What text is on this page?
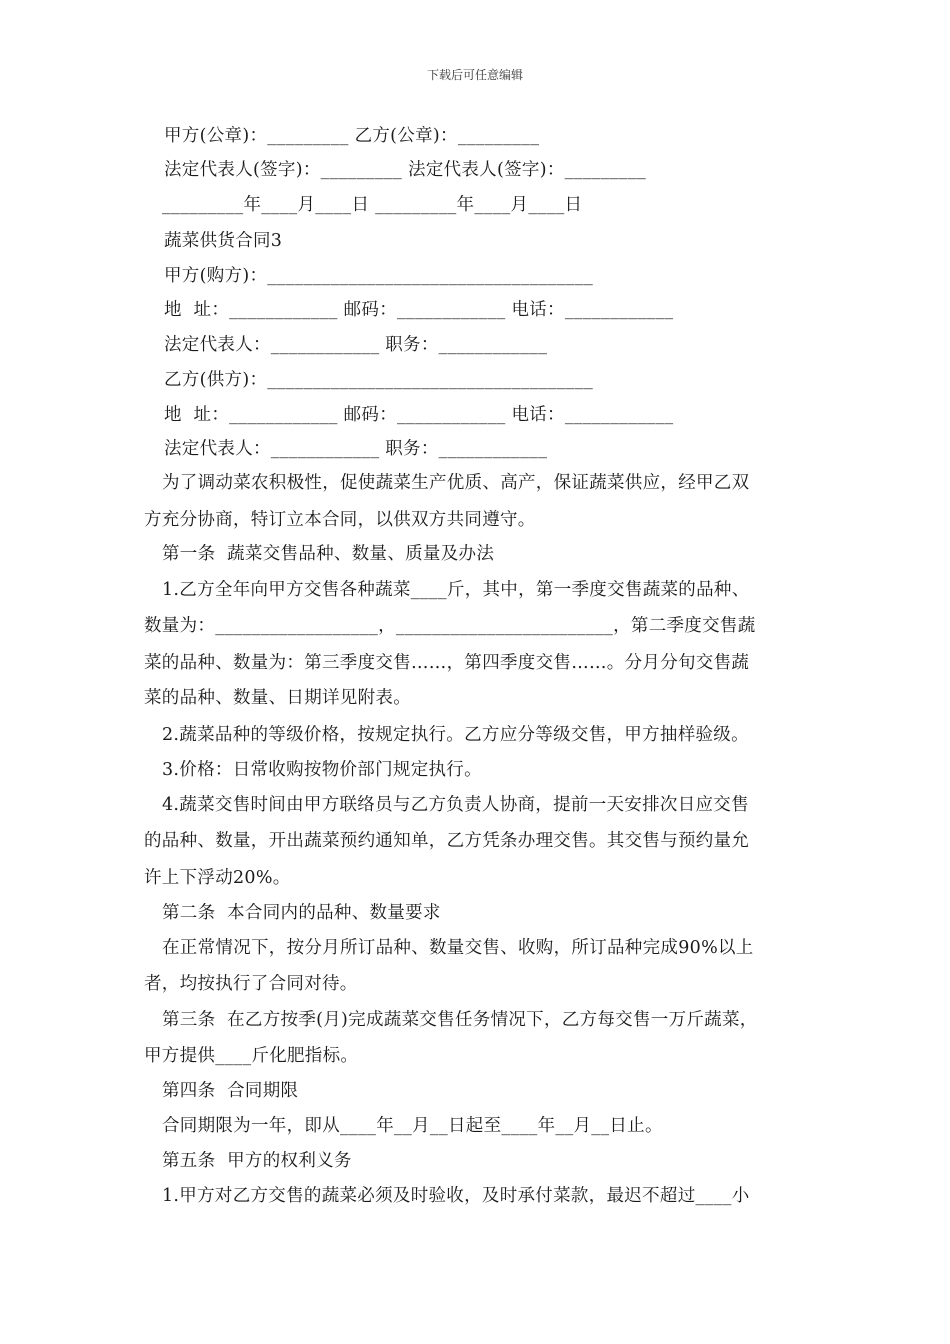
下载后可任意编辑
甲方(公章)：_________ 乙方(公章)：_________
法定代表人(签字)：_________ 法定代表人(签字)：_________
_________年____月____日 _________年____月____日
蔬菜供货合同3
甲方(购方)：____________________________________
地  址：____________ 邮码：____________ 电话：____________
法定代表人：____________ 职务：____________
乙方(供方)：____________________________________
地  址：____________ 邮码：____________ 电话：____________
法定代表人：____________ 职务：____________
为了调动菜农积极性，促使蔬菜生产优质、高产，保证蔬菜供应，经甲乙双
方充分协商，特订立本合同，以供双方共同遵守。
第一条  蔬菜交售品种、数量、质量及办法
1.乙方全年向甲方交售各种蔬菜____斤，其中，第一季度交售蔬菜的品种、
数量为：__________________，________________________，第二季度交售蔬
菜的品种、数量为：第三季度交售……，第四季度交售……。分月分旬交售蔬
菜的品种、数量、日期详见附表。
2.蔬菜品种的等级价格，按规定执行。乙方应分等级交售，甲方抽样验级。
3.价格：日常收购按物价部门规定执行。
4.蔬菜交售时间由甲方联络员与乙方负责人协商，提前一天安排次日应交售
的品种、数量，开出蔬菜预约通知单，乙方凭条办理交售。其交售与预约量允
许上下浮动20%。
第二条  本合同内的品种、数量要求
在正常情况下，按分月所订品种、数量交售、收购，所订品种完成90%以上
者，均按执行了合同对待。
第三条  在乙方按季(月)完成蔬菜交售任务情况下，乙方每交售一万斤蔬菜，
甲方提供____斤化肥指标。
第四条  合同期限
合同期限为一年，即从____年__月__日起至____年__月__日止。
第五条  甲方的权利义务
1.甲方对乙方交售的蔬菜必须及时验收，及时承付菜款，最迟不超过____小
